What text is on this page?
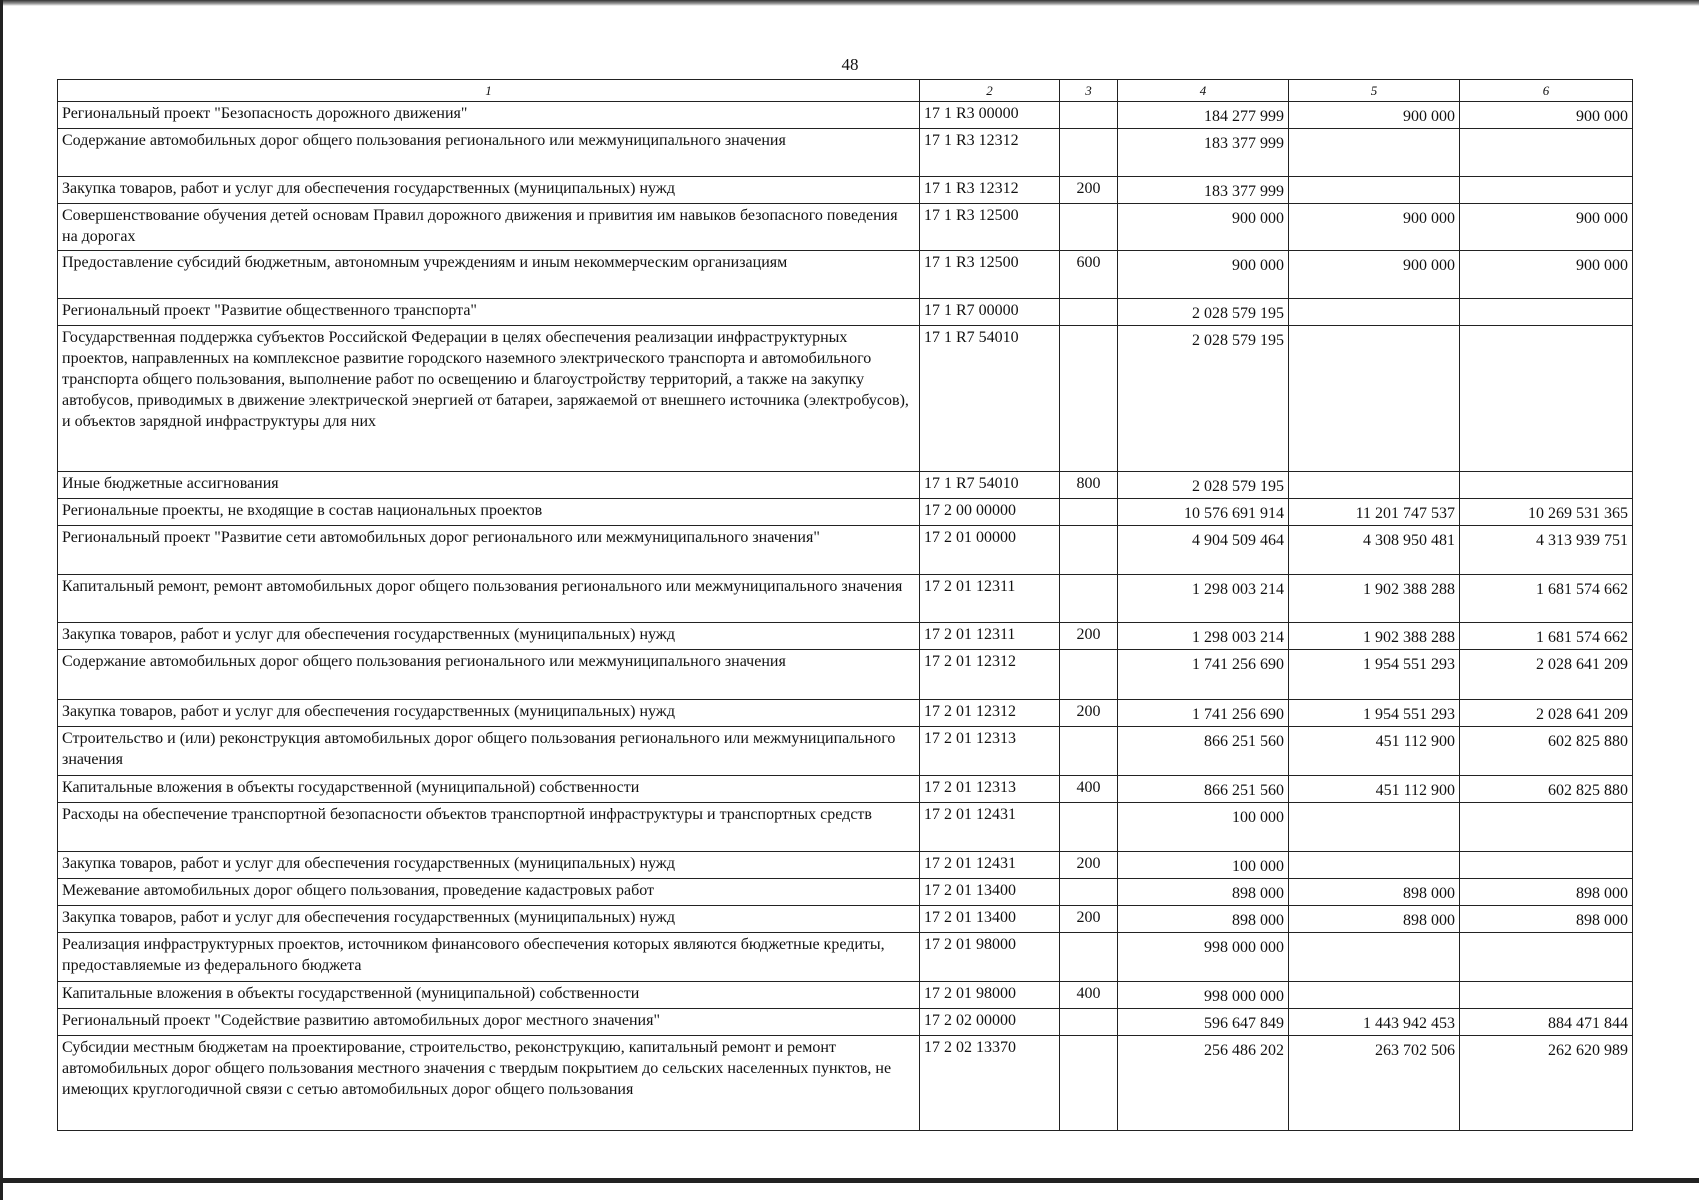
48
1	2	3	4	5	6
Региональный проект "Безопасность дорожного движения"	17 1 R3 00000		184 277 999	900 000	900 000

Содержание автомобильных дорог общего пользования регионального или межмуниципального значения	17 1 R3 12312		183 377 999		

Закупка товаров, работ и услуг для обеспечения государственных (муниципальных) нужд	17 1 R3 12312	200	183 377 999		

Совершенствование обучения детей основам Правил дорожного движения и привития им навыков безопасного поведения на дорогах	17 1 R3 12500		900 000	900 000	900 000

Предоставление субсидий бюджетным, автономным учреждениям и иным некоммерческим организациям	17 1 R3 12500	600	900 000	900 000	900 000

Региональный проект "Развитие общественного транспорта"	17 1 R7 00000		2 028 579 195		

Государственная поддержка субъектов Российской Федерации в целях обеспечения реализации инфраструктурных проектов, направленных на комплексное развитие городского наземного электрического транспорта и автомобильного транспорта общего пользования, выполнение работ по освещению и благоустройству территорий, а также на закупку автобусов, приводимых в движение электрической энергией от батареи, заряжаемой от внешнего источника (электробусов), и объектов зарядной инфраструктуры для них	17 1 R7 54010		2 028 579 195		

Иные бюджетные ассигнования	17 1 R7 54010	800	2 028 579 195		

Региональные проекты, не входящие в состав национальных проектов	17 2 00 00000		10 576 691 914	11 201 747 537	10 269 531 365

Региональный проект "Развитие сети автомобильных дорог регионального или межмуниципального значения"	17 2 01 00000		4 904 509 464	4 308 950 481	4 313 939 751

Капитальный ремонт, ремонт автомобильных дорог общего пользования регионального или межмуниципального значения	17 2 01 12311		1 298 003 214	1 902 388 288	1 681 574 662

Закупка товаров, работ и услуг для обеспечения государственных (муниципальных) нужд	17 2 01 12311	200	1 298 003 214	1 902 388 288	1 681 574 662

Содержание автомобильных дорог общего пользования регионального или межмуниципального значения	17 2 01 12312		1 741 256 690	1 954 551 293	2 028 641 209

Закупка товаров, работ и услуг для обеспечения государственных (муниципальных) нужд	17 2 01 12312	200	1 741 256 690	1 954 551 293	2 028 641 209

Строительство и (или) реконструкция автомобильных дорог общего пользования регионального или межмуниципального значения	17 2 01 12313		866 251 560	451 112 900	602 825 880

Капитальные вложения в объекты государственной (муниципальной) собственности	17 2 01 12313	400	866 251 560	451 112 900	602 825 880

Расходы на обеспечение транспортной безопасности объектов транспортной инфраструктуры и транспортных средств	17 2 01 12431		100 000		

Закупка товаров, работ и услуг для обеспечения государственных (муниципальных) нужд	17 2 01 12431	200	100 000		

Межевание автомобильных дорог общего пользования, проведение кадастровых работ	17 2 01 13400		898 000	898 000	898 000

Закупка товаров, работ и услуг для обеспечения государственных (муниципальных) нужд	17 2 01 13400	200	898 000	898 000	898 000

Реализация инфраструктурных проектов, источником финансового обеспечения которых являются бюджетные кредиты, предоставляемые из федерального бюджета	17 2 01 98000		998 000 000		

Капитальные вложения в объекты государственной (муниципальной) собственности	17 2 01 98000	400	998 000 000		

Региональный проект "Содействие развитию автомобильных дорог местного значения"	17 2 02 00000		596 647 849	1 443 942 453	884 471 844

Субсидии местным бюджетам на проектирование, строительство, реконструкцию, капитальный ремонт и ремонт автомобильных дорог общего пользования местного значения с твердым покрытием до сельских населенных пунктов, не имеющих круглогодичной связи с сетью автомобильных дорог общего пользования	17 2 02 13370		256 486 202	263 702 506	262 620 989
